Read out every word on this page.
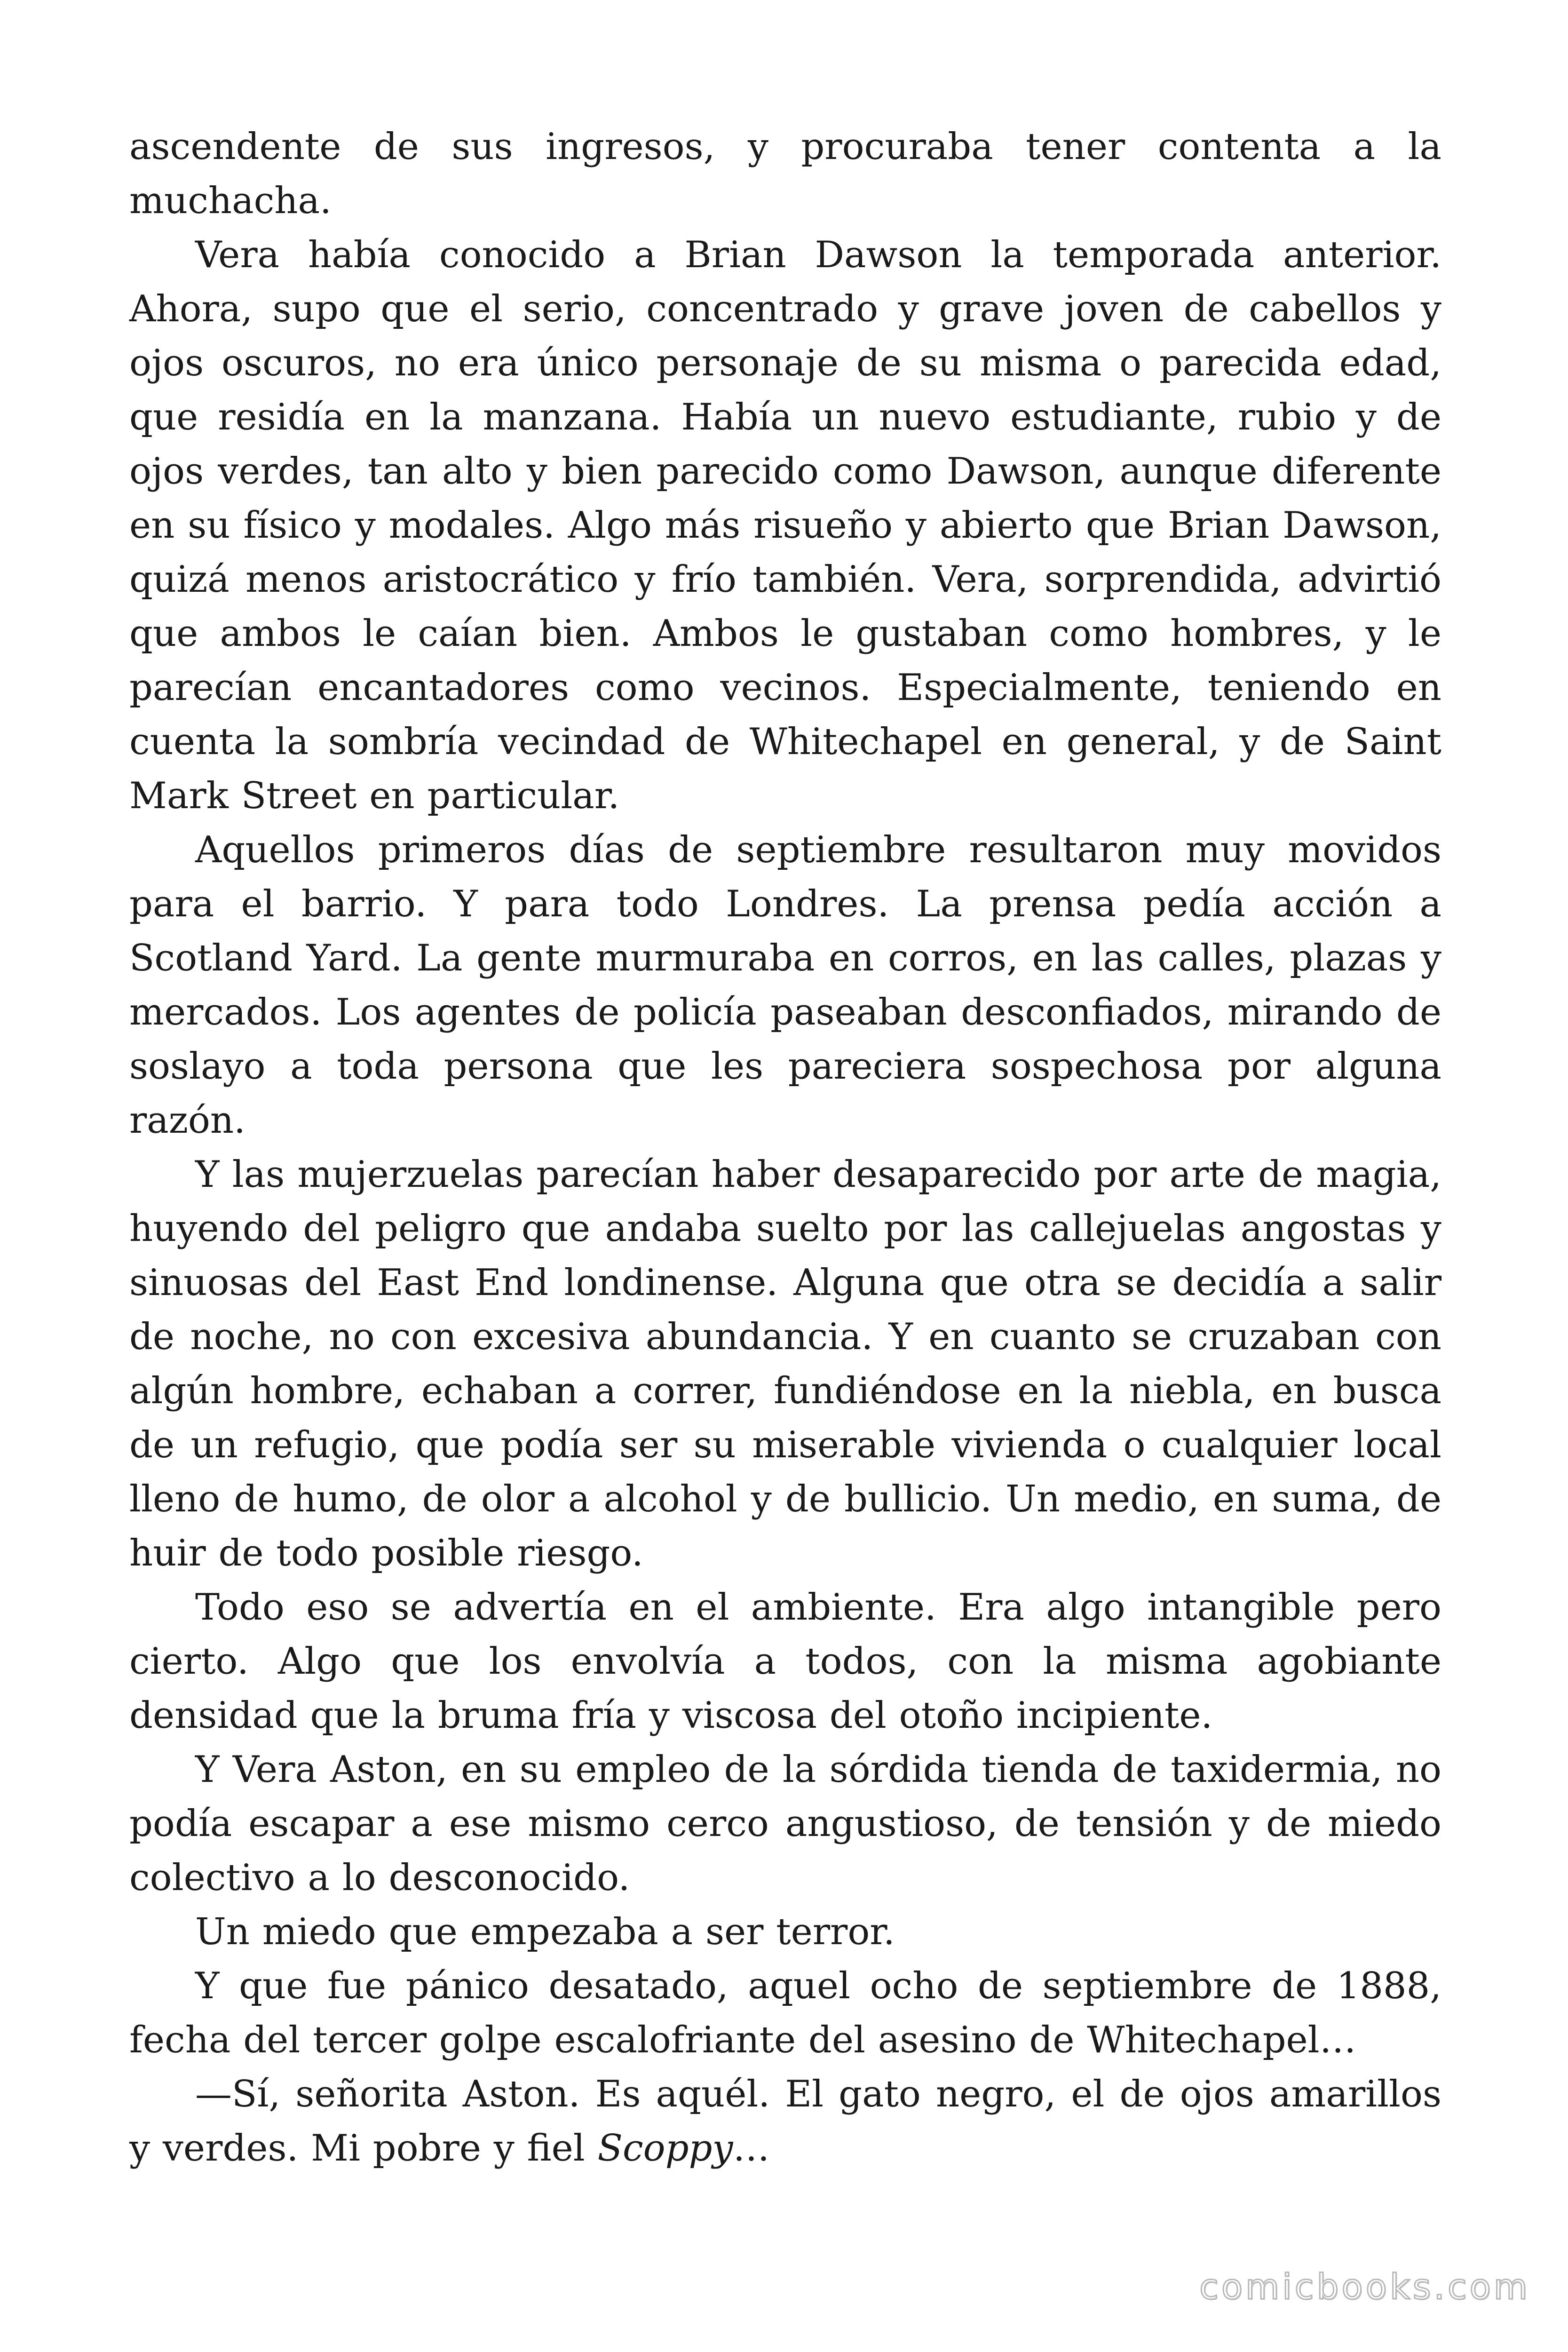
ascendente de sus ingresos, y procuraba tener contenta a la muchacha.

Vera había conocido a Brian Dawson la temporada anterior. Ahora, supo que el serio, concentrado y grave joven de cabellos y ojos oscuros, no era único personaje de su misma o parecida edad, que residía en la manzana. Había un nuevo estudiante, rubio y de ojos verdes, tan alto y bien parecido como Dawson, aunque diferente en su físico y modales. Algo más risueño y abierto que Brian Dawson, quizá menos aristocrático y frío también. Vera, sorprendida, advirtió que ambos le caían bien. Ambos le gustaban como hombres, y le parecían encantadores como vecinos. Especialmente, teniendo en cuenta la sombría vecindad de Whitechapel en general, y de Saint Mark Street en particular.

Aquellos primeros días de septiembre resultaron muy movidos para el barrio. Y para todo Londres. La prensa pedía acción a Scotland Yard. La gente murmuraba en corros, en las calles, plazas y mercados. Los agentes de policía paseaban desconfiados, mirando de soslayo a toda persona que les pareciera sospechosa por alguna razón.

Y las mujerzuelas parecían haber desaparecido por arte de magia, huyendo del peligro que andaba suelto por las callejuelas angostas y sinuosas del East End londinense. Alguna que otra se decidía a salir de noche, no con excesiva abundancia. Y en cuanto se cruzaban con algún hombre, echaban a correr, fundiéndose en la niebla, en busca de un refugio, que podía ser su miserable vivienda o cualquier local lleno de humo, de olor a alcohol y de bullicio. Un medio, en suma, de huir de todo posible riesgo.

Todo eso se advertía en el ambiente. Era algo intangible pero cierto. Algo que los envolvía a todos, con la misma agobiante densidad que la bruma fría y viscosa del otoño incipiente.

Y Vera Aston, en su empleo de la sórdida tienda de taxidermia, no podía escapar a ese mismo cerco angustioso, de tensión y de miedo colectivo a lo desconocido.

Un miedo que empezaba a ser terror.

Y que fue pánico desatado, aquel ocho de septiembre de 1888, fecha del tercer golpe escalofriante del asesino de Whitechapel…

—Sí, señorita Aston. Es aquél. El gato negro, el de ojos amarillos y verdes. Mi pobre y fiel Scoppy…

comicbooks.com
